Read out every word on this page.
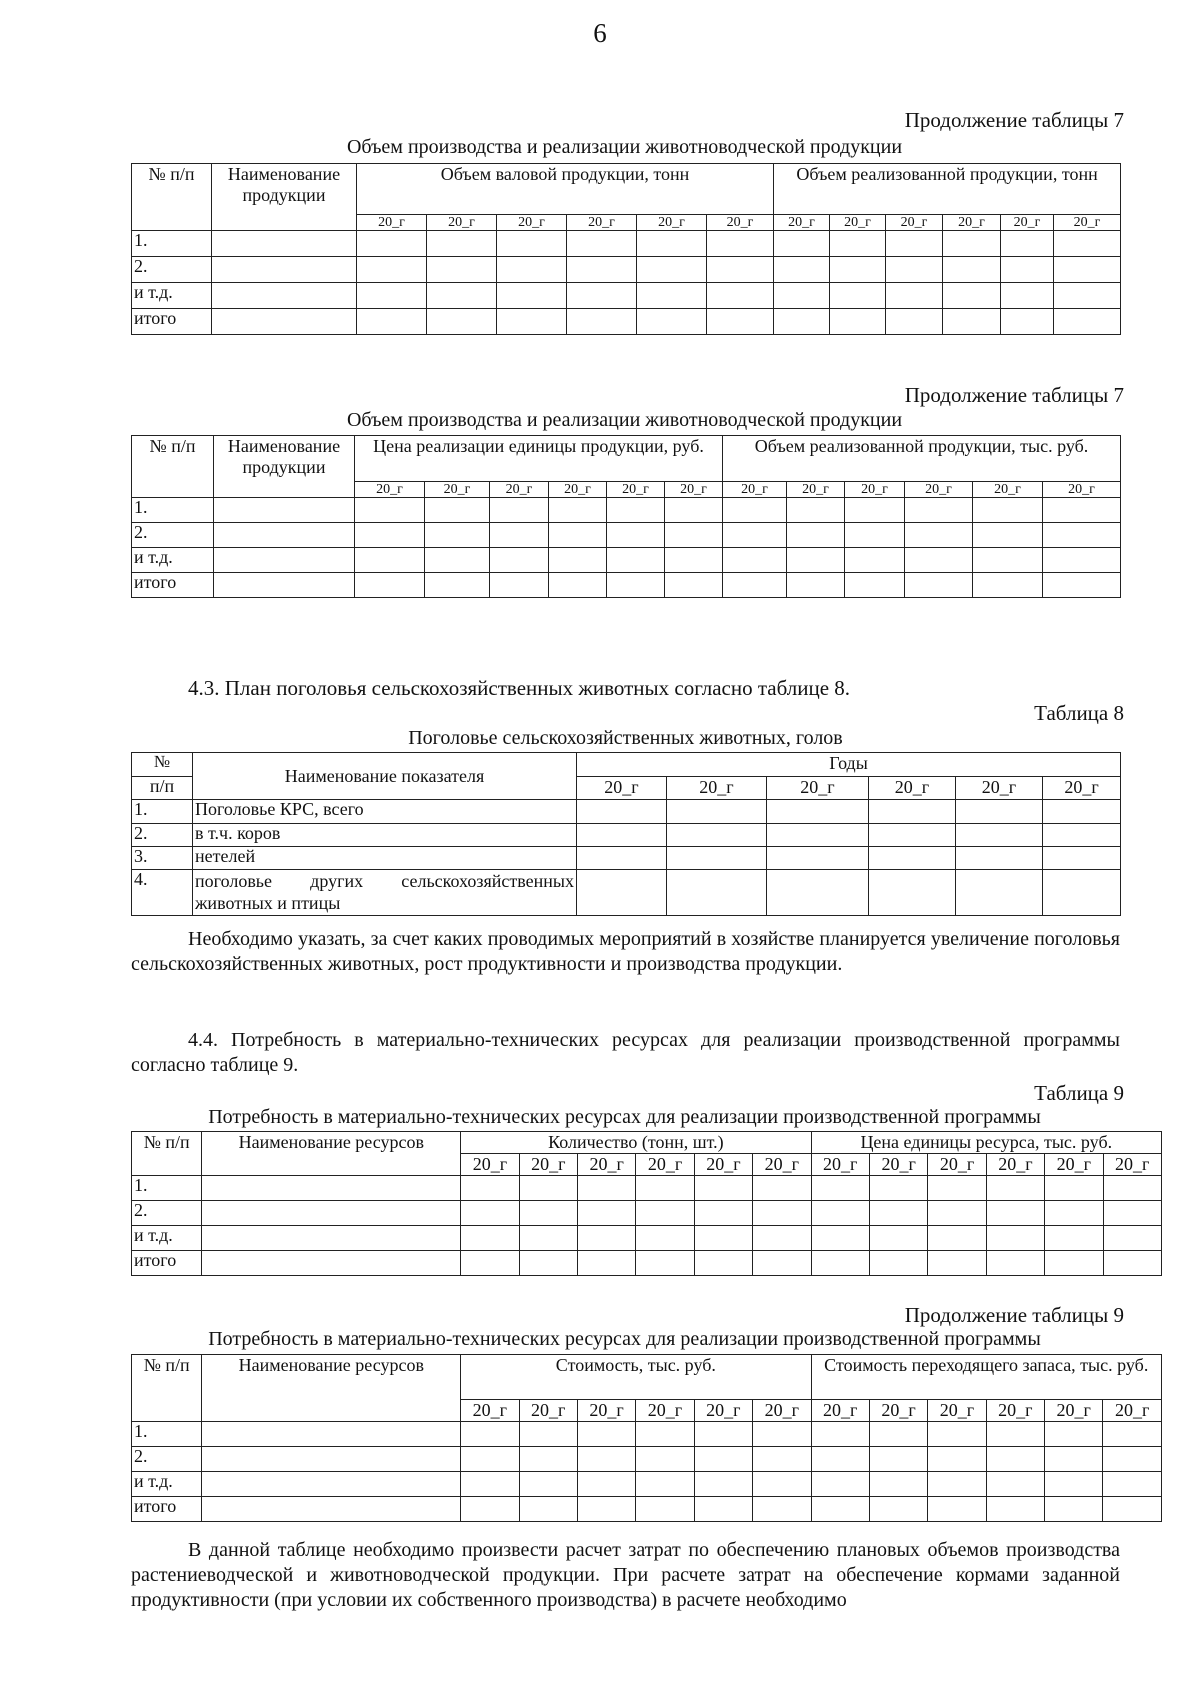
6
Продолжение таблицы 7
Объем производства и реализации животноводческой продукции
№ п/п	Наименование продукции	Объем валовой продукции, тонн						Объем реализованной продукции, тонн					
		20_г	20_г	20_г	20_г	20_г	20_г	20_г	20_г	20_г	20_г	20_г	20_г
1.													
2.													
и т.д.													
итого													
Продолжение таблицы 7
Объем производства и реализации животноводческой продукции
№ п/п	Наименование продукции	Цена реализации единицы продукции, руб.						Объем реализованной продукции, тыс. руб.					
		20_г	20_г	20_г	20_г	20_г	20_г	20_г	20_г	20_г	20_г	20_г	20_г
1.													
2.													
и т.д.													
итого													
4.3. План поголовья сельскохозяйственных животных согласно таблице 8.
Таблица 8
Поголовье сельскохозяйственных животных, голов
№	Наименование показателя	Годы					
п/п		20_г	20_г	20_г	20_г	20_г	20_г
1.	Поголовье КРС, всего						
2.	в т.ч. коров						
3.	нетелей						
4.	поголовье других сельскохозяйственных животных и птицы						

Необходимо указать, за счет каких проводимых мероприятий в хозяйстве планируется увеличение поголовья сельскохозяйственных животных, рост продуктивности и производства продукции.

4.4. Потребность в материально-технических ресурсах для реализации производственной программы согласно таблице 9.

Таблица 9
Потребность в материально-технических ресурсах для реализации производственной программы
№ п/п	Наименование ресурсов	Количество (тонн, шт.)						Цена единицы ресурса, тыс. руб.					
		20_г	20_г	20_г	20_г	20_г	20_г	20_г	20_г	20_г	20_г	20_г	20_г
1.													
2.													
и т.д.													
итого													
Продолжение таблицы 9
Потребность в материально-технических ресурсах для реализации производственной программы
№ п/п	Наименование ресурсов	Стоимость, тыс. руб.						Стоимость переходящего запаса, тыс. руб.					
		20_г	20_г	20_г	20_г	20_г	20_г	20_г	20_г	20_г	20_г	20_г	20_г
1.													
2.													
и т.д.													
итого													

В данной таблице необходимо произвести расчет затрат по обеспечению плановых объемов производства растениеводческой и животноводческой продукции. При расчете затрат на обеспечение кормами заданной продуктивности (при условии их собственного производства) в расчете необходимо
